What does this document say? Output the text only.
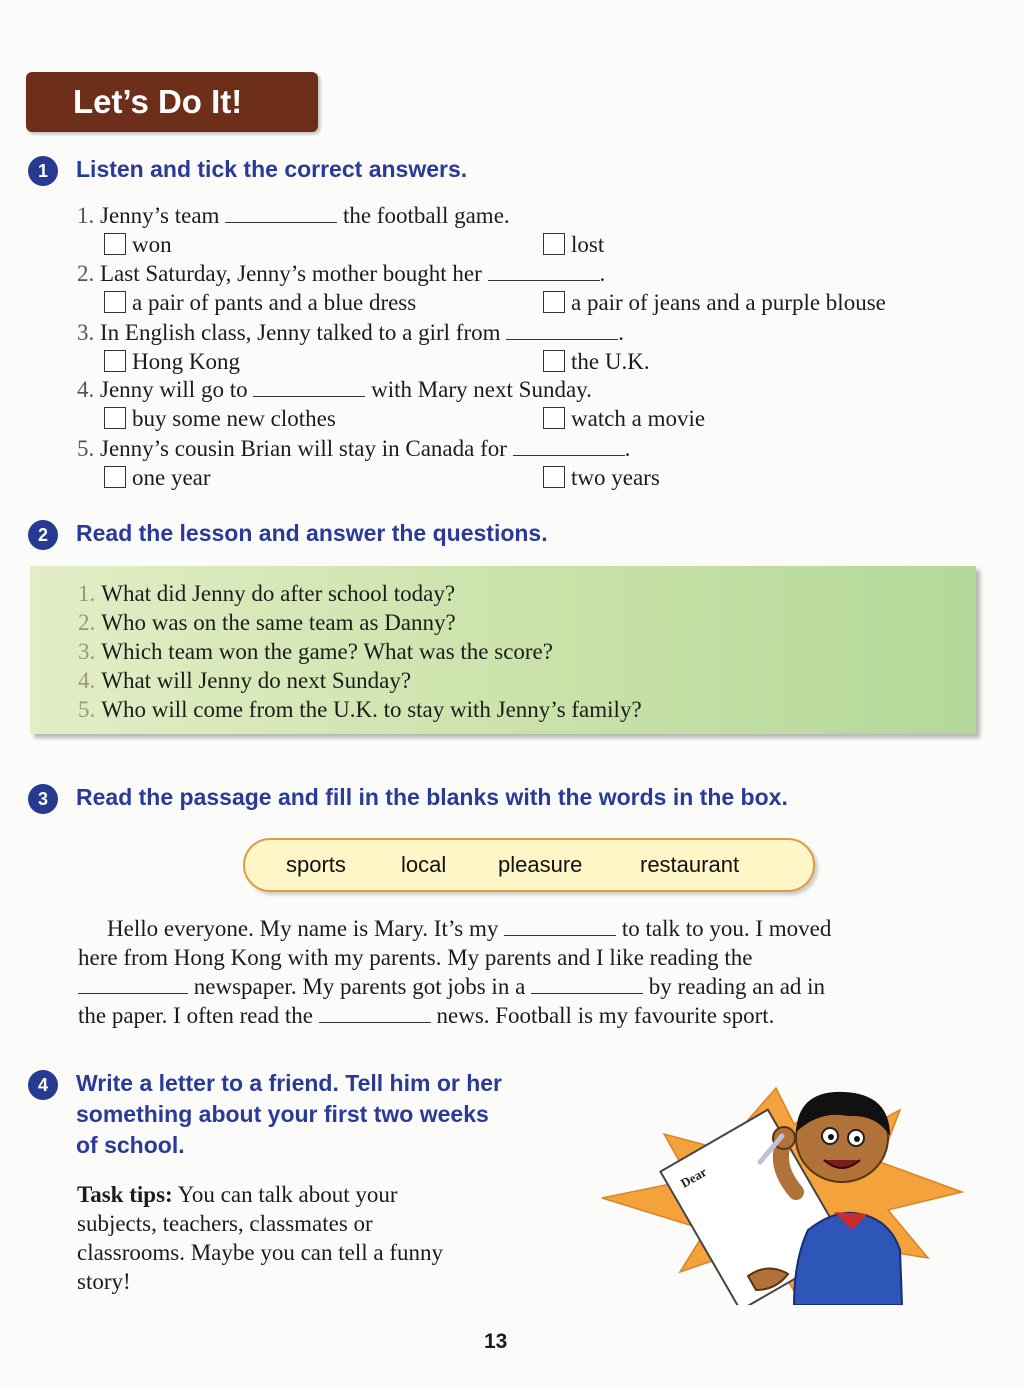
Let’s Do It!
1	Listen and tick the correct answers.
1. Jenny’s team	the football game.
won	lost
2. Last Saturday, Jenny’s mother bought her	.
a pair of pants and a blue dress	a pair of jeans and a purple blouse
3. In English class, Jenny talked to a girl from	.
Hong Kong	the U.K.
4. Jenny will go to	with Mary next Sunday.
buy some new clothes	watch a movie
5. Jenny’s cousin Brian will stay in Canada for	.
one year	two years
2	Read the lesson and answer the questions.
1. What did Jenny do after school today?
2. Who was on the same team as Danny?
3. Which team won the game? What was the score?
4. What will Jenny do next Sunday?
5. Who will come from the U.K. to stay with Jenny’s family?
3	Read the passage and fill in the blanks with the words in the box.
sports	local pleasure	restaurant
Hello everyone. My name is Mary. It’s my	to talk to you. I moved
here from Hong Kong with my parents. My parents and I like reading the
newspaper. My parents got jobs in a	by reading an ad in
the paper. I often read the	news. Football is my favourite sport.
4	Write a letter to a friend. Tell him or her
something about your first two weeks
of school.
Task tips: You can talk about your
subjects, teachers, classmates or
classrooms. Maybe you can tell a funny
story!
Dear
13
